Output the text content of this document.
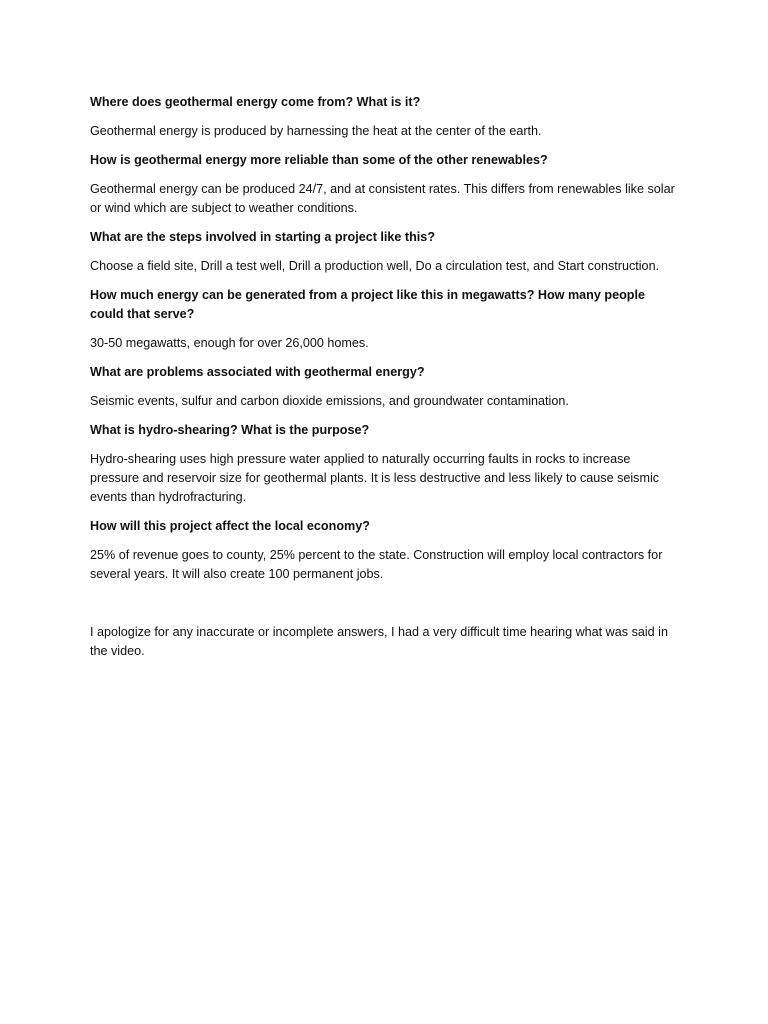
Where does geothermal energy come from? What is it?

Geothermal energy is produced by harnessing the heat at the center of the earth.

How is geothermal energy more reliable than some of the other renewables?

Geothermal energy can be produced 24/7, and at consistent rates. This differs from renewables like solar or wind which are subject to weather conditions.

What are the steps involved in starting a project like this?

Choose a field site, Drill a test well, Drill a production well, Do a circulation test, and Start construction.

How much energy can be generated from a project like this in megawatts? How many people could that serve?

30-50 megawatts, enough for over 26,000 homes.

What are problems associated with geothermal energy?

Seismic events, sulfur and carbon dioxide emissions, and groundwater contamination.

What is hydro-shearing? What is the purpose?

Hydro-shearing uses high pressure water applied to naturally occurring faults in rocks to increase pressure and reservoir size for geothermal plants. It is less destructive and less likely to cause seismic events than hydrofracturing.

How will this project affect the local economy?

25% of revenue goes to county, 25% percent to the state. Construction will employ local contractors for several years. It will also create 100 permanent jobs.

I apologize for any inaccurate or incomplete answers, I had a very difficult time hearing what was said in the video.
